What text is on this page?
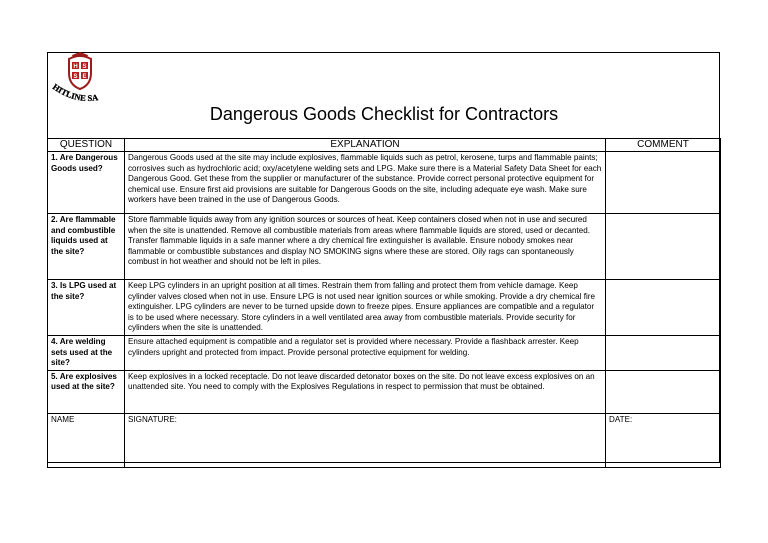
H S
S E
HITLINE SA
Dangerous Goods Checklist for Contractors
QUESTION	EXPLANATION	COMMENT
1. Are Dangerous Goods used?	Dangerous Goods used at the site may include explosives, flammable liquids such as petrol, kerosene, turps and flammable paints; corrosives such as hydrochloric acid; oxy/acetylene welding sets and LPG. Make sure there is a Material Safety Data Sheet for each Dangerous Good. Get these from the supplier or manufacturer of the substance. Provide correct personal protective equipment for chemical use. Ensure first aid provisions are suitable for Dangerous Goods on the site, including adequate eye wash. Make sure workers have been trained in the use of Dangerous Goods.	
2. Are flammable and combustible liquids used at the site?	Store flammable liquids away from any ignition sources or sources of heat. Keep containers closed when not in use and secured when the site is unattended. Remove all combustible materials from areas where flammable liquids are stored, used or decanted. Transfer flammable liquids in a safe manner where a dry chemical fire extinguisher is available. Ensure nobody smokes near flammable or combustible substances and display NO SMOKING signs where these are stored. Oily rags can spontaneously combust in hot weather and should not be left in piles.	
3. Is LPG used at the site?	Keep LPG cylinders in an upright position at all times. Restrain them from falling and protect them from vehicle damage. Keep cylinder valves closed when not in use. Ensure LPG is not used near ignition sources or while smoking. Provide a dry chemical fire extinguisher. LPG cylinders are never to be turned upside down to freeze pipes. Ensure appliances are compatible and a regulator is to be used where necessary. Store cylinders in a well ventilated area away from combustible materials. Provide security for cylinders when the site is unattended.	
4. Are welding sets used at the site?	Ensure attached equipment is compatible and a regulator set is provided where necessary. Provide a flashback arrester. Keep cylinders upright and protected from impact. Provide personal protective equipment for welding.	
5. Are explosives used at the site?	Keep explosives in a locked receptacle. Do not leave discarded detonator boxes on the site. Do not leave excess explosives on an unattended site. You need to comply with the Explosives Regulations in respect to permission that must be obtained.	
NAME	SIGNATURE:	DATE:
